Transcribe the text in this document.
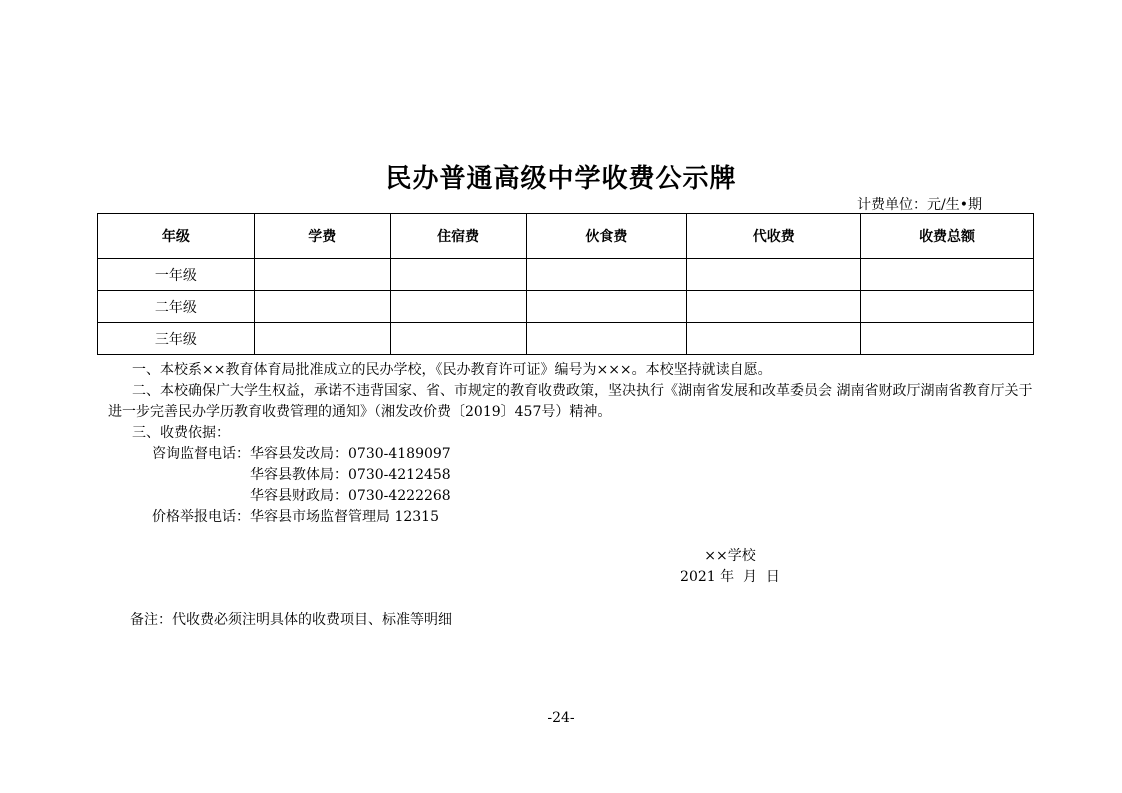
民办普通高级中学收费公示牌
计费单位：元/生•期
年级	学费	住宿费	伙食费	代收费	收费总额
一年级					
二年级					
三年级					

一、本校系××教育体育局批准成立的民办学校，《民办教育许可证》编号为×××。本校坚持就读自愿。

二、本校确保广大学生权益，承诺不违背国家、省、市规定的教育收费政策，坚决执行《湖南省发展和改革委员会 湖南省财政厅湖南省教育厅关于进一步完善民办学历教育收费管理的通知》（湘发改价费〔2019〕457号）精神。

三、收费依据：

咨询监督电话： 华容县发改局：0730-4189097
华容县教体局：0730-4212458
华容县财政局：0730-4222268
价格举报电话： 华容县市场监督管理局 12315
××学校
2021 年  月  日
备注：代收费必须注明具体的收费项目、标准等明细
-24-
